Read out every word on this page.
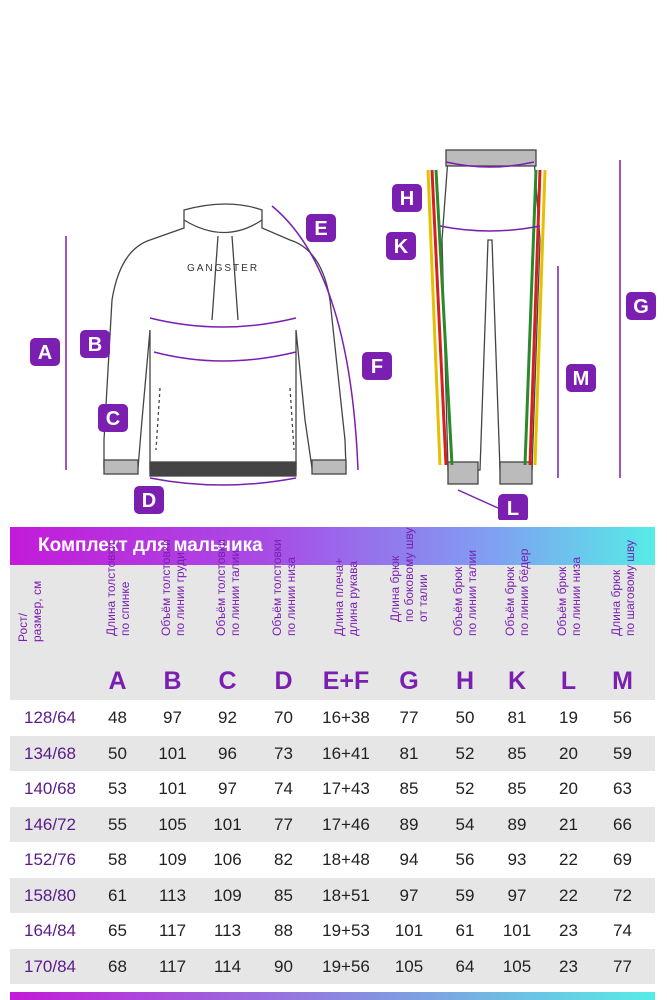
GANGSTER
A B
C
D
E
F
H
K
G
M
L
Комплект для мальчика
Рост/
размер, см
Длина толстовки
по спинке
A
Объём толстовки
по линии груди
B
Объём толстовки
по линии талии
C
Объём толстовки
по линии низа
D
Длина плеча+
длина рукава
E+F
Длина брюк
по боковому шву
от талии
G
Объём брюк
по линии талии
H
Объём брюк
по линии бёдер
K
Объём брюк
по линии низа
L
Длина брюк
по шаговому шву
M
128/64	48	97	92	70	16+38	77	50	81	19	56
134/68	50	101	96	73	16+41	81	52	85	20	59
140/68	53	101	97	74	17+43	85	52	85	20	63
146/72	55	105	101	77	17+46	89	54	89	21	66
152/76	58	109	106	82	18+48	94	56	93	22	69
158/80	61	113	109	85	18+51	97	59	97	22	72
164/84	65	117	113	88	19+53	101	61	101	23	74
170/84	68	117	114	90	19+56	105	64	105	23	77
